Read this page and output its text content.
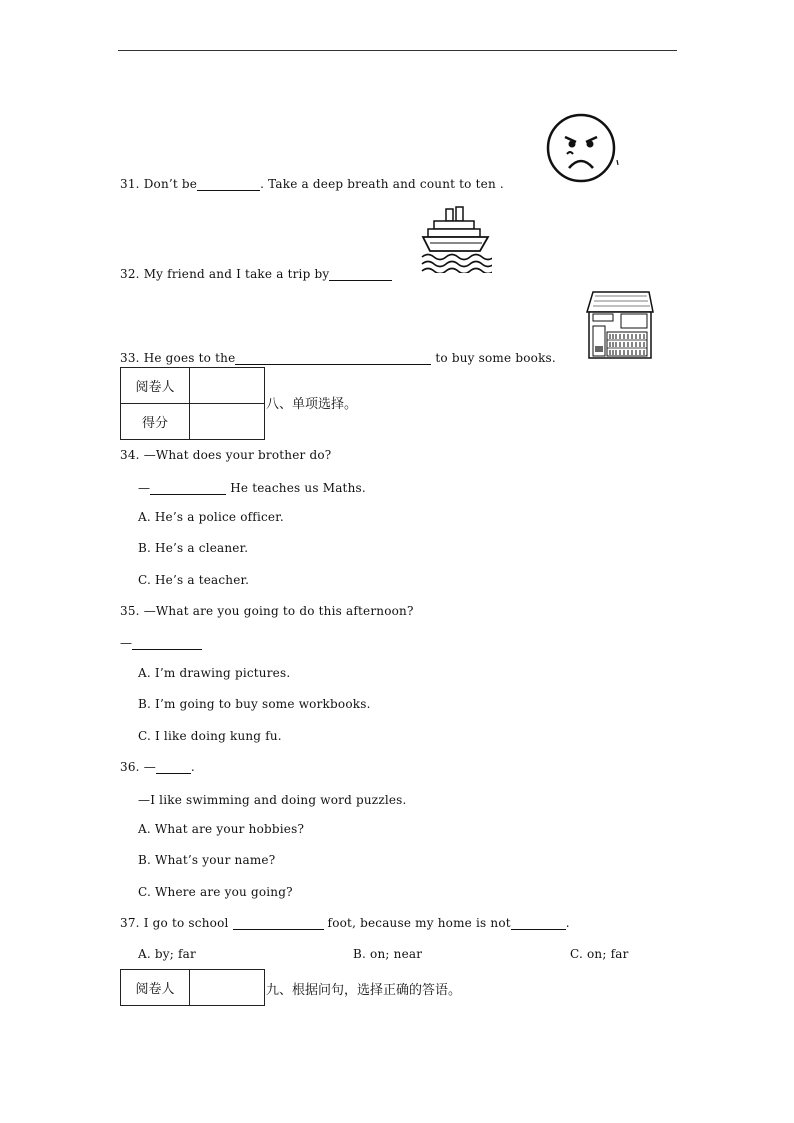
31. Don’t be	. Take a deep breath and count to ten .
32. My friend and I take a trip by
33. He goes to the	to buy some books.
阅卷人	
得分	
八、单项选择。
34. —What does your brother do?
—	He teaches us Maths.
A. He’s a police officer.
B. He’s a cleaner.
C. He’s a teacher.
35. —What are you going to do this afternoon?
—
A. I’m drawing pictures.
B. I’m going to buy some workbooks.
C. I like doing kung fu.
36. —	.
—I like swimming and doing word puzzles.
A. What are your hobbies?
B. What’s your name?
C. Where are you going?
37. I go to school	foot, because my home is not	.
A. by; far	B. on; near	C. on; far
阅卷人		九、根据问句，选择正确的答语。
